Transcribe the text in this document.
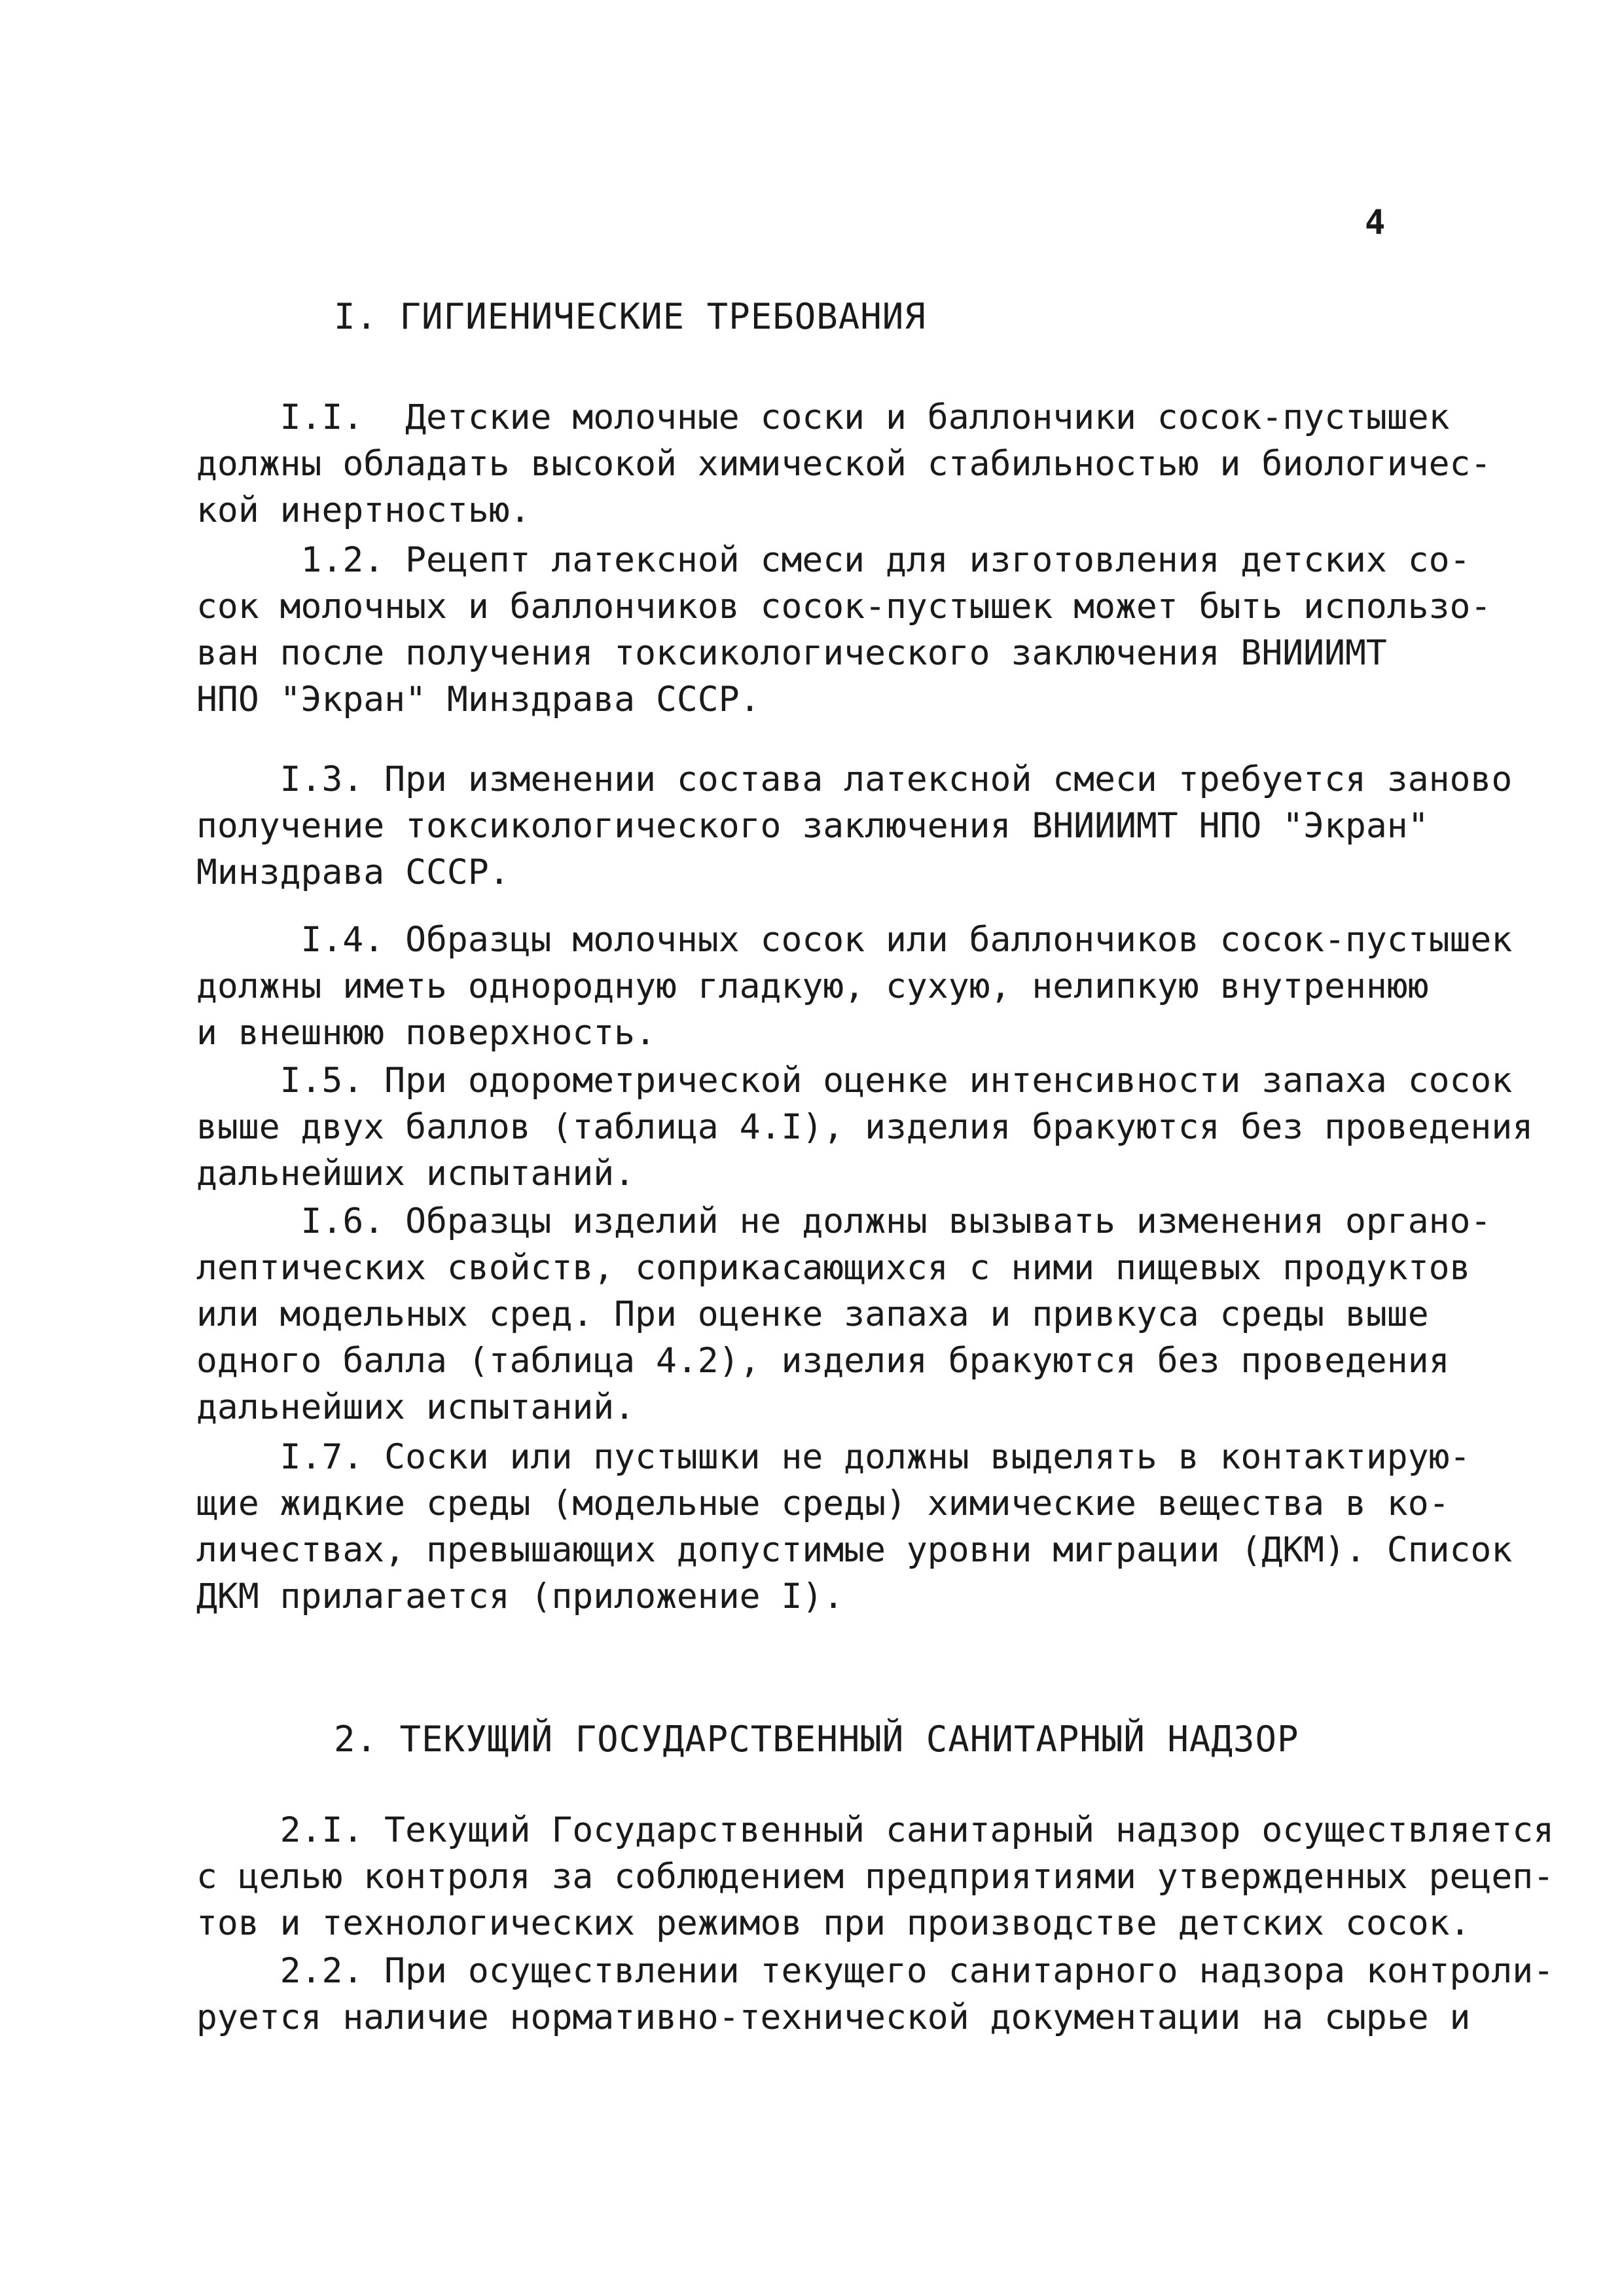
4
I. ГИГИЕНИЧЕСКИЕ ТРЕБОВАНИЯ
I.I.  Детские молочные соски и баллончики сосок-пустышек
должны обладать высокой химической стабильностью и биологичес-
кой инертностью.
1.2. Рецепт латексной смеси для изготовления детских со-
сок молочных и баллончиков сосок-пустышек может быть использо-
ван после получения токсикологического заключения ВНИИИМТ
НПО "Экран" Минздрава СССР.
I.3. При изменении состава латексной смеси требуется заново
получение токсикологического заключения ВНИИИМТ НПО "Экран"
Минздрава СССР.
I.4. Образцы молочных сосок или баллончиков сосок-пустышек
должны иметь однородную гладкую, сухую, нелипкую внутреннюю
и внешнюю поверхность.
I.5. При одорометрической оценке интенсивности запаха сосок
выше двух баллов (таблица 4.I), изделия бракуются без проведения
дальнейших испытаний.
I.6. Образцы изделий не должны вызывать изменения органо-
лептических свойств, соприкасающихся с ними пищевых продуктов
или модельных сред. При оценке запаха и привкуса среды выше
одного балла (таблица 4.2), изделия бракуются без проведения
дальнейших испытаний.
I.7. Соски или пустышки не должны выделять в контактирую-
щие жидкие среды (модельные среды) химические вещества в ко-
личествах, превышающих допустимые уровни миграции (ДКМ). Список
ДКМ прилагается (приложение I).
2. ТЕКУЩИЙ ГОСУДАРСТВЕННЫЙ САНИТАРНЫЙ НАДЗОР
2.I. Текущий Государственный санитарный надзор осуществляется
с целью контроля за соблюдением предприятиями утвержденных рецеп-
тов и технологических режимов при производстве детских сосок.
2.2. При осуществлении текущего санитарного надзора контроли-
руется наличие нормативно-технической документации на сырье и
